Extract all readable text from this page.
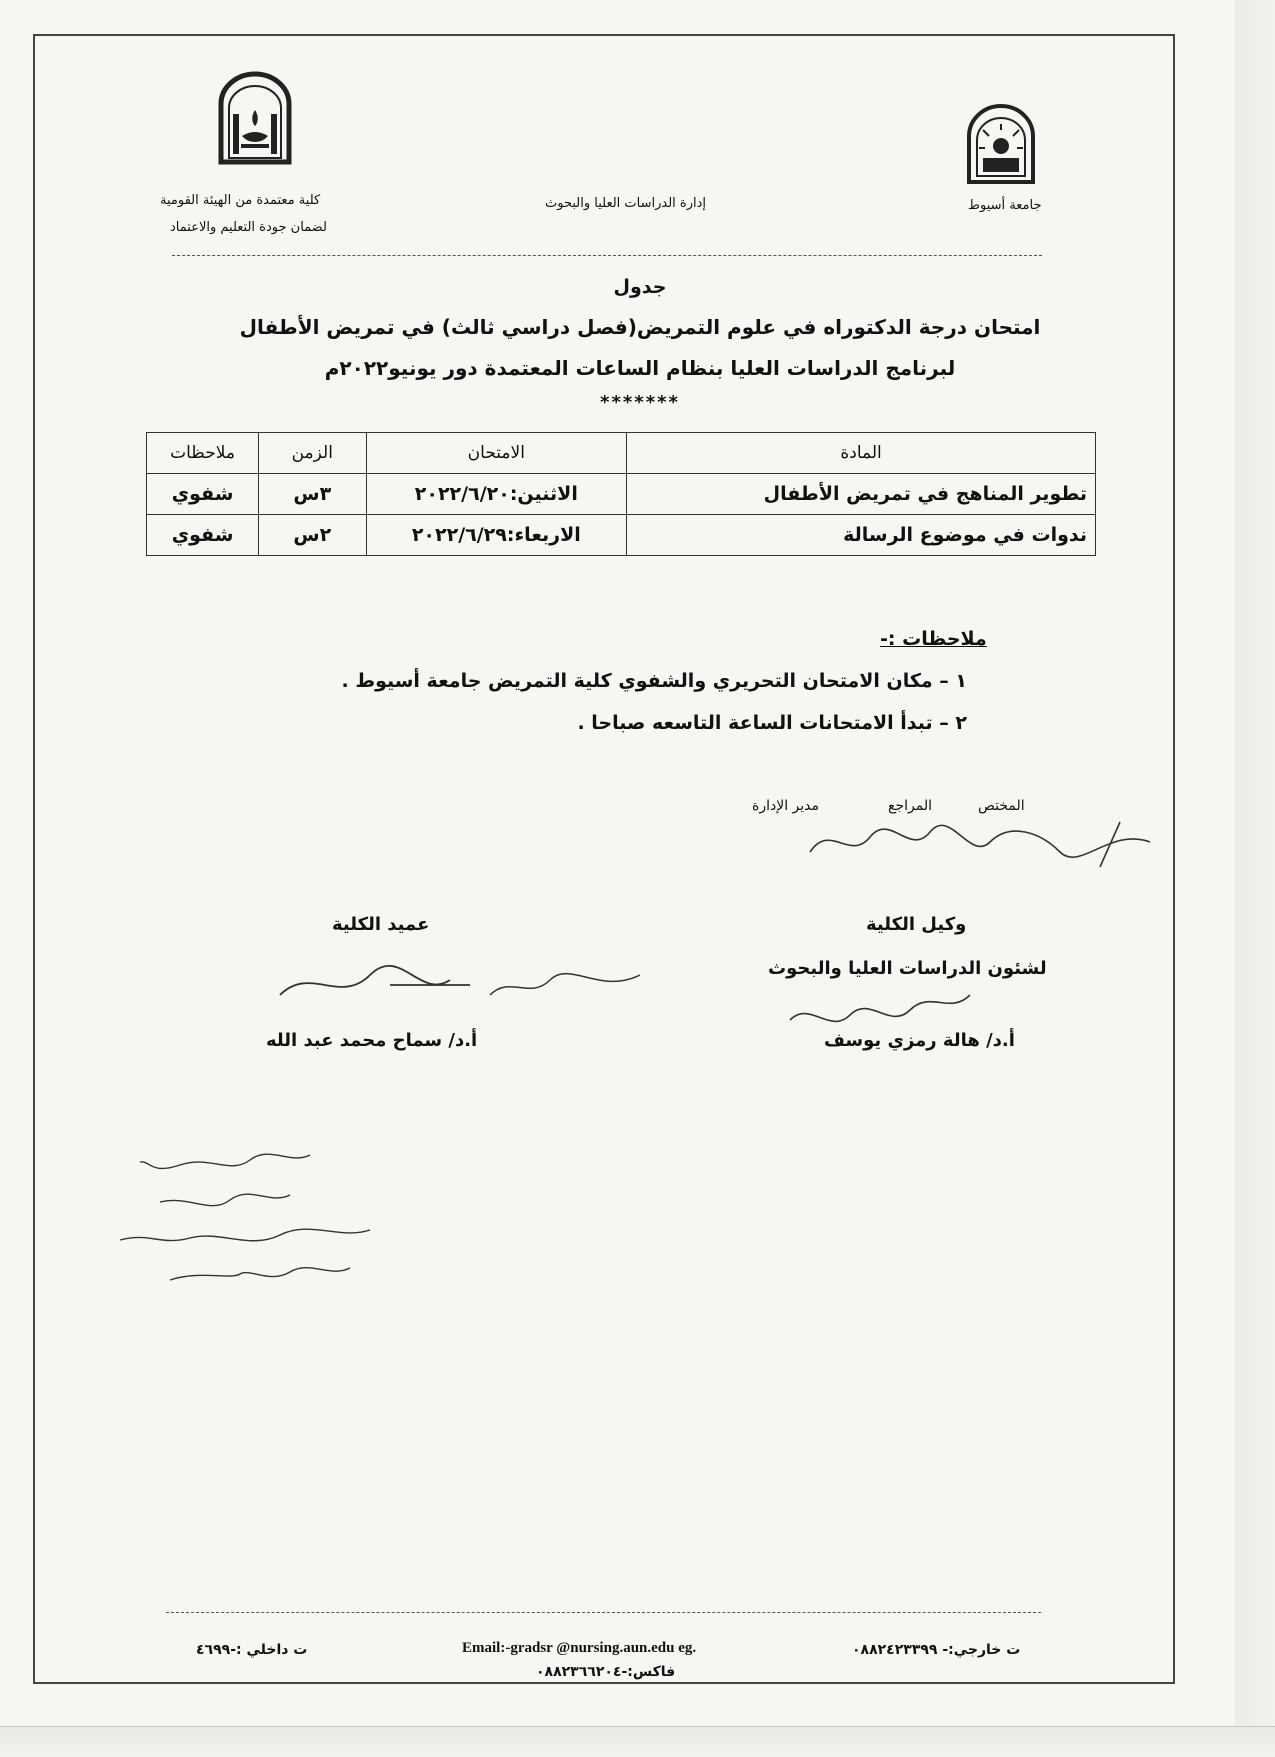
كلية معتمدة من الهيئة القومية
لضمان جودة التعليم والاعتماد
إدارة الدراسات العليا والبحوث	جامعة أسيوط
جدول
امتحان درجة الدكتوراه في علوم التمريض(فصل دراسي ثالث) في تمريض الأطفال
لبرنامج الدراسات العليا بنظام الساعات المعتمدة دور يونيو٢٠٢٢م
*******
المادة	الامتحان	الزمن	ملاحظات
تطوير المناهج في تمريض الأطفال	الاثنين:٢٠٢٢/٦/٢٠	٣س	شفوي
ندوات في موضوع الرسالة	الاربعاء:٢٠٢٢/٦/٢٩	٢س	شفوي
ملاحظات :-
١ – مكان الامتحان التحريري والشفوي كلية التمريض جامعة أسيوط .
٢ – تبدأ الامتحانات الساعة التاسعه صباحا .
المختص
المراجع
مدير الإدارة
وكيل الكلية
لشئون الدراسات العليا والبحوث
أ.د/ هالة رمزي يوسف
عميد الكلية
أ.د/ سماح محمد عبد الله
ت خارجي:- ٠٨٨٢٤٢٣٣٩٩
Email:-gradsr @nursing.aun.edu eg.
ت داخلي :-٤٦٩٩
فاكس:-٠٨٨٢٣٦٦٢٠٤
